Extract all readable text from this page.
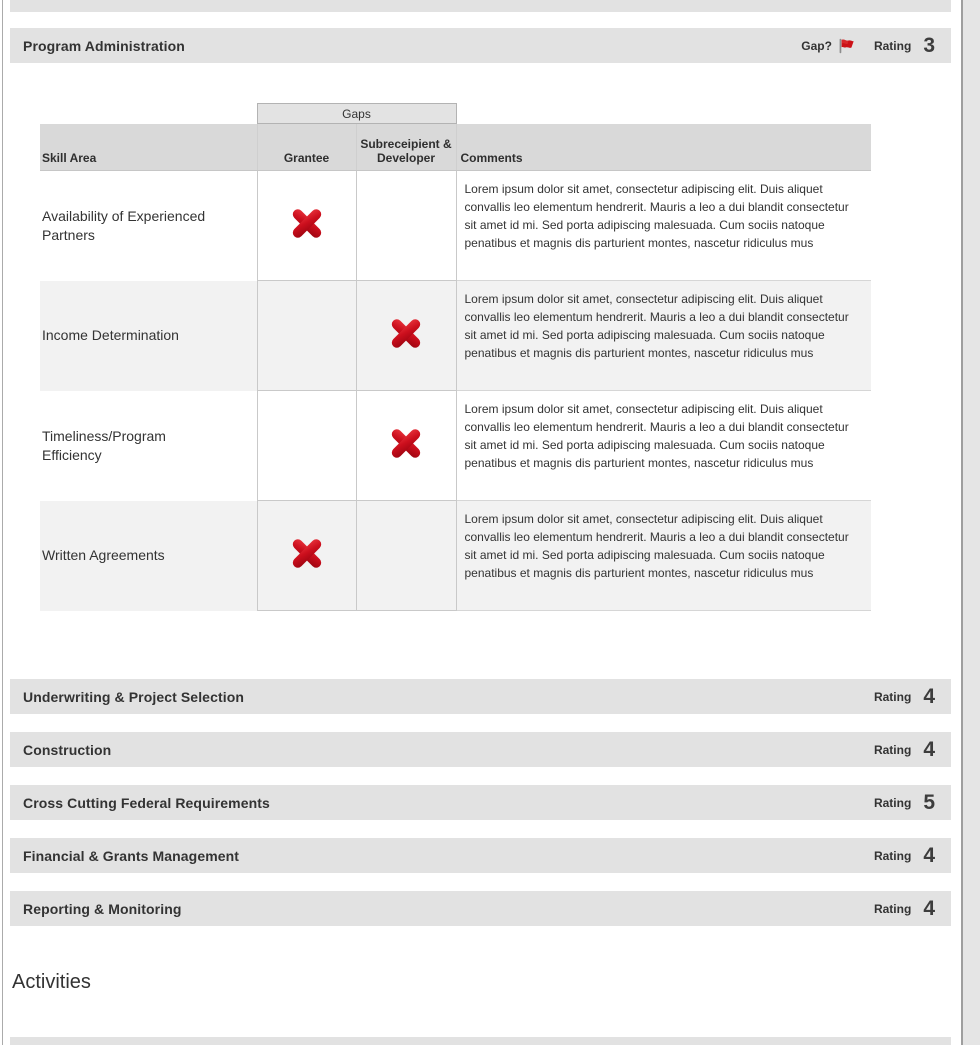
Program Administration	Gap?	Rating 3
	Gaps		
Skill Area	Grantee	Subreceipient & Developer	Comments
Availability of Experienced Partners			Lorem ipsum dolor sit amet, consectetur adipiscing elit. Duis aliquet convallis leo elementum hendrerit. Mauris a leo a dui blandit consectetur sit amet id mi. Sed porta adipiscing malesuada. Cum sociis natoque penatibus et magnis dis parturient montes, nascetur ridiculus mus
Income Determination			Lorem ipsum dolor sit amet, consectetur adipiscing elit. Duis aliquet convallis leo elementum hendrerit. Mauris a leo a dui blandit consectetur sit amet id mi. Sed porta adipiscing malesuada. Cum sociis natoque penatibus et magnis dis parturient montes, nascetur ridiculus mus
Timeliness/Program Efficiency			Lorem ipsum dolor sit amet, consectetur adipiscing elit. Duis aliquet convallis leo elementum hendrerit. Mauris a leo a dui blandit consectetur sit amet id mi. Sed porta adipiscing malesuada. Cum sociis natoque penatibus et magnis dis parturient montes, nascetur ridiculus mus
Written Agreements			Lorem ipsum dolor sit amet, consectetur adipiscing elit. Duis aliquet convallis leo elementum hendrerit. Mauris a leo a dui blandit consectetur sit amet id mi. Sed porta adipiscing malesuada. Cum sociis natoque penatibus et magnis dis parturient montes, nascetur ridiculus mus
Underwriting & Project Selection	Rating 4
Construction	Rating 4
Cross Cutting Federal Requirements	Rating 5
Financial & Grants Management	Rating 4
Reporting & Monitoring	Rating 4
Activities
